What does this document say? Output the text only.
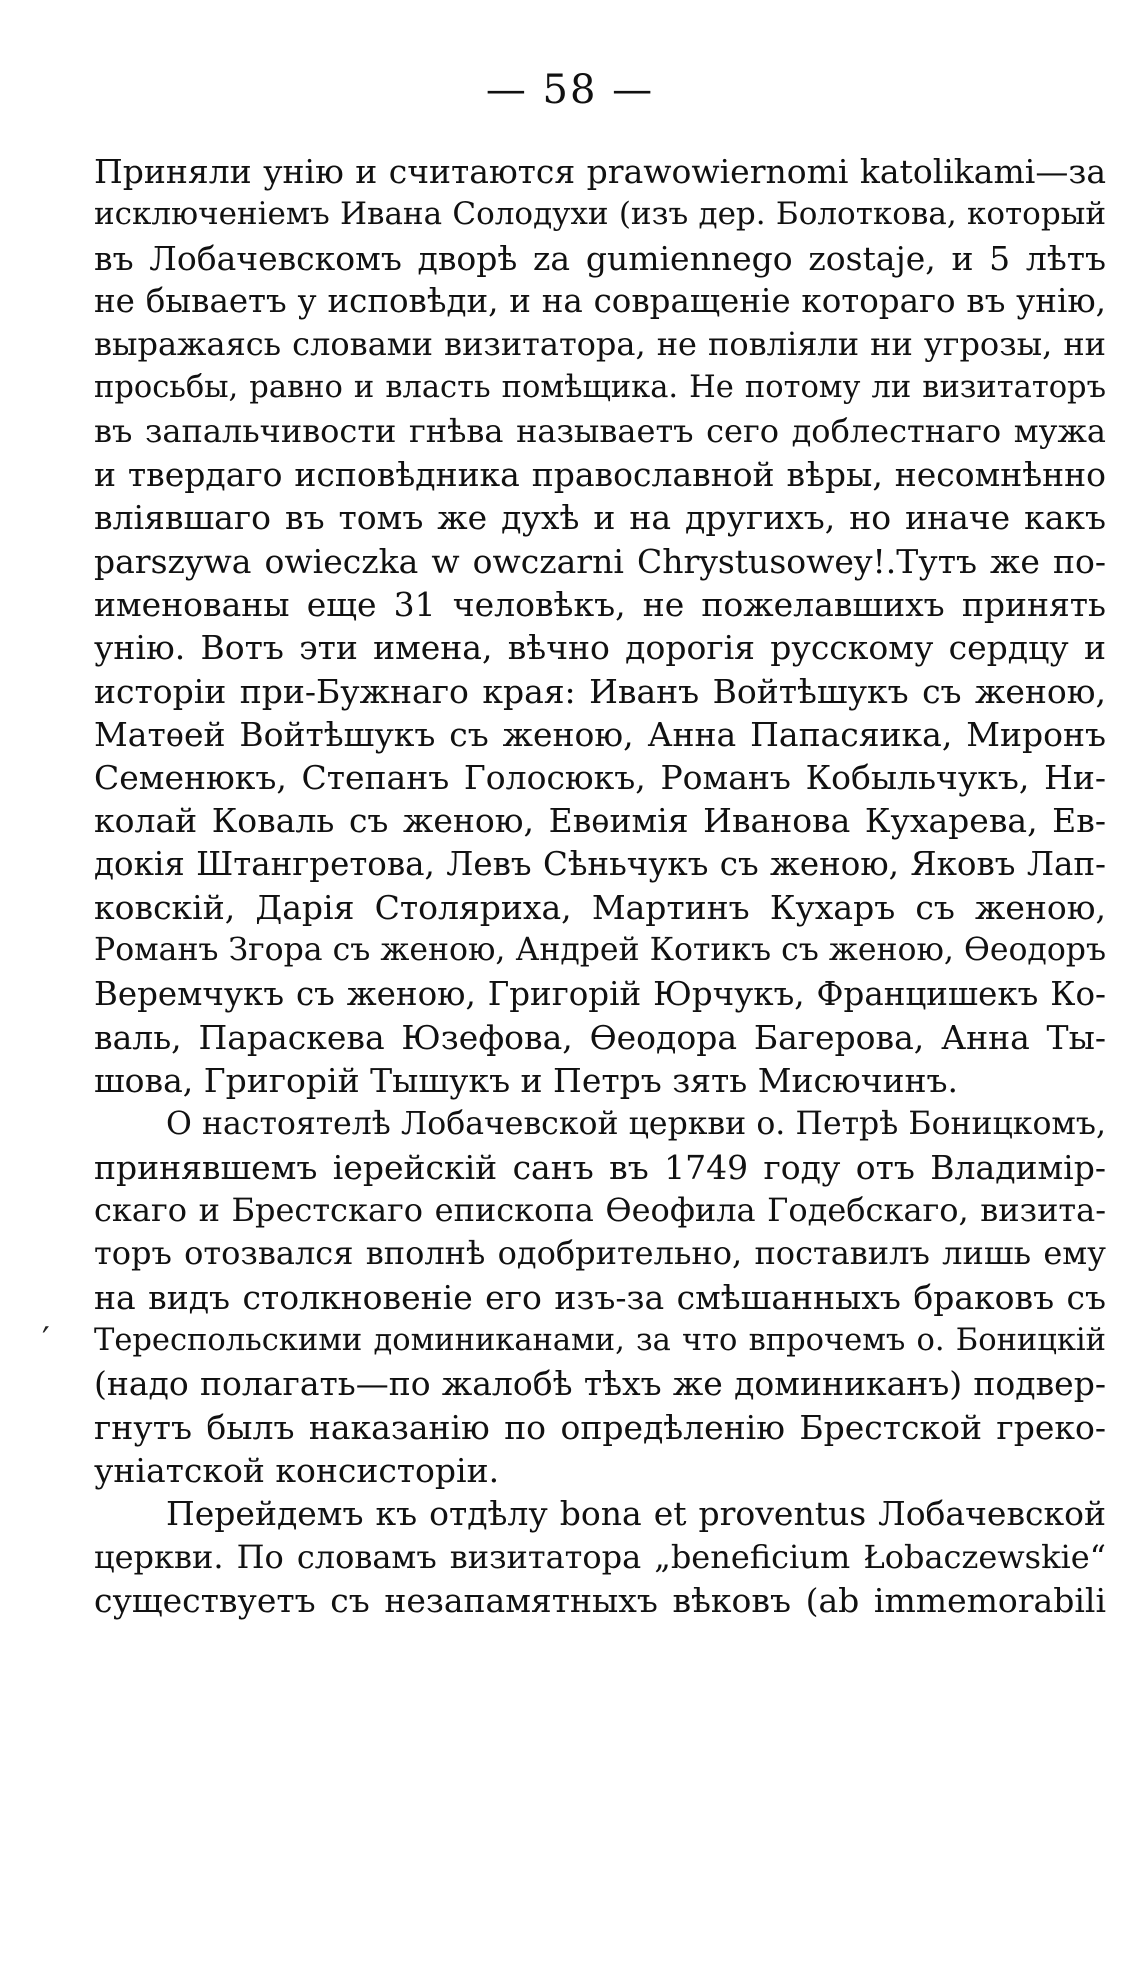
— 58 —
′
Приняли унію и считаются prawowiernomi katolikami—за
исключеніемъ Ивана Солодухи (изъ дер. Болоткова, который
въ Лобачевскомъ дворѣ za gumiennego zostaje, и 5 лѣтъ
не бываетъ у исповѣди, и на совращеніе котораго въ унію,
выражаясь словами визитатора, не повліяли ни угрозы, ни
просьбы, равно и власть помѣщика. Не потому ли визитаторъ
въ запальчивости гнѣва называетъ сего доблестнаго мужа
и твердаго исповѣдника православной вѣры, несомнѣнно
вліявшаго въ томъ же духѣ и на другихъ, но иначе какъ
parszywa owieczka w owczarni Chrystusowey!.Тутъ же по-
именованы еще 31 человѣкъ, не пожелавшихъ принять
унію. Вотъ эти имена, вѣчно дорогія русскому сердцу и
исторіи при-Бужнаго края: Иванъ Войтѣшукъ съ женою,
Матѳей Войтѣшукъ съ женою, Анна Папасяика, Миронъ
Семенюкъ, Степанъ Голосюкъ, Романъ Кобыльчукъ, Ни-
колай Коваль съ женою, Евѳимія Иванова Кухарева, Ев-
докія Штангретова, Левъ Сѣньчукъ съ женою, Яковъ Лап-
ковскій, Дарія Столяриха, Мартинъ Кухаръ съ женою,
Романъ Згора съ женою, Андрей Котикъ съ женою, Ѳеодоръ
Веремчукъ съ женою, Григорій Юрчукъ, Францишекъ Ко-
валь, Параскева Юзефова, Ѳеодора Багерова, Анна Ты-
шова, Григорій Тышукъ и Петръ зять Мисючинъ.
О настоятелѣ Лобачевской церкви о. Петрѣ Боницкомъ,
принявшемъ іерейскій санъ въ 1749 году отъ Владимір-
скаго и Брестскаго епископа Ѳеофила Годебскаго, визита-
торъ отозвался вполнѣ одобрительно, поставилъ лишь ему
на видъ столкновеніе его изъ-за смѣшанныхъ браковъ съ
Тереспольскими доминиканами, за что впрочемъ о. Боницкій
(надо полагать—по жалобѣ тѣхъ же доминиканъ) подвер-
гнутъ былъ наказанію по опредѣленію Брестской греко-
уніатской консисторіи.
Перейдемъ къ отдѣлу bona et proventus Лобачевской
церкви. По словамъ визитатора „beneficium Łobaczewskie“
существуетъ съ незапамятныхъ вѣковъ (ab immemorabili
